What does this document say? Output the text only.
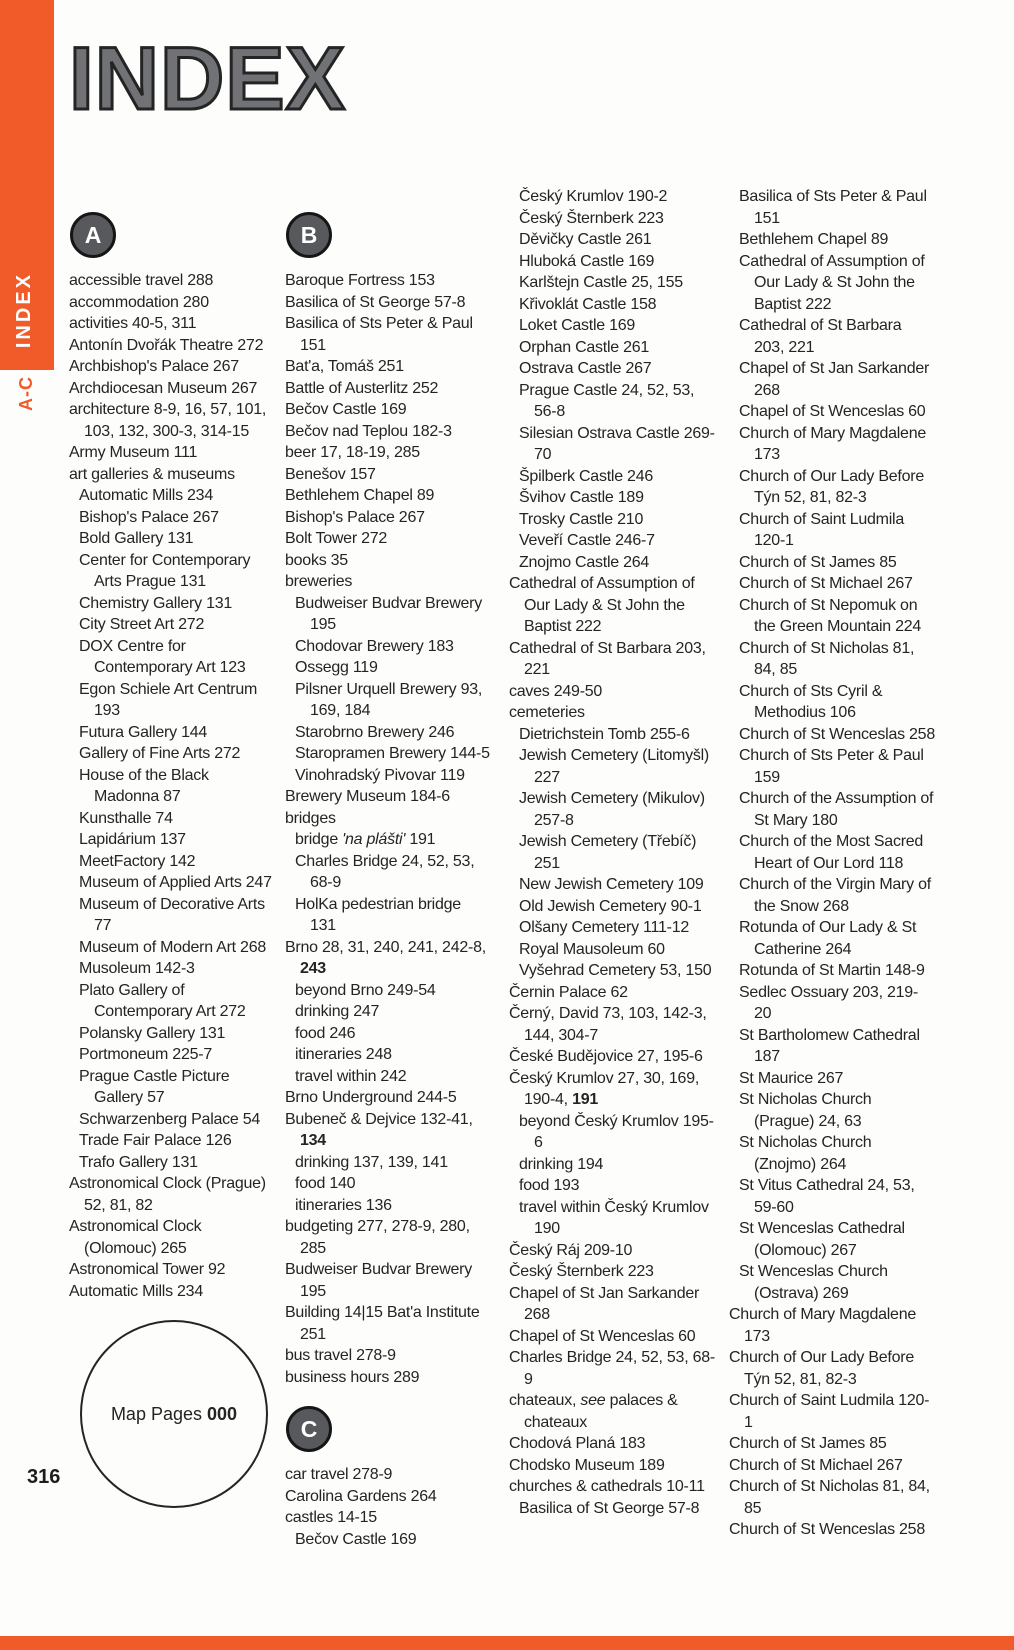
INDEX
A-C
INDEX
A
accessible travel 288
accommodation 280
activities 40-5, 311
Antonín Dvořák Theatre 272
Archbishop's Palace 267
Archdiocesan Museum 267
architecture 8-9, 16, 57, 101, 103, 132, 300-3, 314-15
Army Museum 111
art galleries & museums
Automatic Mills 234
Bishop's Palace 267
Bold Gallery 131
Center for Contemporary Arts Prague 131
Chemistry Gallery 131
City Street Art 272
DOX Centre for Contemporary Art 123
Egon Schiele Art Centrum 193
Futura Gallery 144
Gallery of Fine Arts 272
House of the Black Madonna 87
Kunsthalle 74
Lapidárium 137
MeetFactory 142
Museum of Applied Arts 247
Museum of Decorative Arts 77
Museum of Modern Art 268
Musoleum 142-3
Plato Gallery of Contemporary Art 272
Polansky Gallery 131
Portmoneum 225-7
Prague Castle Picture Gallery 57
Schwarzenberg Palace 54
Trade Fair Palace 126
Trafo Gallery 131
Astronomical Clock (Prague) 52, 81, 82
Astronomical Clock (Olomouc) 265
Astronomical Tower 92
Automatic Mills 234
B
Baroque Fortress 153
Basilica of St George 57-8
Basilica of Sts Peter & Paul 151
Bat'a, Tomáš 251
Battle of Austerlitz 252
Bečov Castle 169
Bečov nad Teplou 182-3
beer 17, 18-19, 285
Benešov 157
Bethlehem Chapel 89
Bishop's Palace 267
Bolt Tower 272
books 35
breweries
Budweiser Budvar Brewery 195
Chodovar Brewery 183
Ossegg 119
Pilsner Urquell Brewery 93, 169, 184
Starobrno Brewery 246
Staropramen Brewery 144-5
Vinohradský Pivovar 119
Brewery Museum 184-6
bridges
bridge 'na plášti' 191
Charles Bridge 24, 52, 53, 68-9
HolKa pedestrian bridge 131
Brno 28, 31, 240, 241, 242-8, 243
beyond Brno 249-54
drinking 247
food 246
itineraries 248
travel within 242
Brno Underground 244-5
Bubeneč & Dejvice 132-41, 134
drinking 137, 139, 141
food 140
itineraries 136
budgeting 277, 278-9, 280, 285
Budweiser Budvar Brewery 195
Building 14|15 Bat'a Institute 251
bus travel 278-9
business hours 289
C
car travel 278-9
Carolina Gardens 264
castles 14-15
Bečov Castle 169
Český Krumlov 190-2
Český Šternberk 223
Děvičky Castle 261
Hluboká Castle 169
Karlštejn Castle 25, 155
Křivoklát Castle 158
Loket Castle 169
Orphan Castle 261
Ostrava Castle 267
Prague Castle 24, 52, 53, 56-8
Silesian Ostrava Castle 269-70
Špilberk Castle 246
Švihov Castle 189
Trosky Castle 210
Veveří Castle 246-7
Znojmo Castle 264
Cathedral of Assumption of Our Lady & St John the Baptist 222
Cathedral of St Barbara 203, 221
caves 249-50
cemeteries
Dietrichstein Tomb 255-6
Jewish Cemetery (Litomyšl) 227
Jewish Cemetery (Mikulov) 257-8
Jewish Cemetery (Třebíč) 251
New Jewish Cemetery 109
Old Jewish Cemetery 90-1
Olšany Cemetery 111-12
Royal Mausoleum 60
Vyšehrad Cemetery 53, 150
Černin Palace 62
Černý, David 73, 103, 142-3, 144, 304-7
České Budějovice 27, 195-6
Český Krumlov 27, 30, 169, 190-4, 191
beyond Český Krumlov 195-6
drinking 194
food 193
travel within Český Krumlov 190
Český Ráj 209-10
Český Šternberk 223
Chapel of St Jan Sarkander 268
Chapel of St Wenceslas 60
Charles Bridge 24, 52, 53, 68-9
chateaux, see palaces & chateaux
Chodová Planá 183
Chodsko Museum 189
churches & cathedrals 10-11
Basilica of St George 57-8
Basilica of Sts Peter & Paul 151
Bethlehem Chapel 89
Cathedral of Assumption of Our Lady & St John the Baptist 222
Cathedral of St Barbara 203, 221
Chapel of St Jan Sarkander 268
Chapel of St Wenceslas 60
Church of Mary Magdalene 173
Church of Our Lady Before Týn 52, 81, 82-3
Church of Saint Ludmila 120-1
Church of St James 85
Church of St Michael 267
Church of St Nepomuk on the Green Mountain 224
Church of St Nicholas 81, 84, 85
Church of Sts Cyril & Methodius 106
Church of St Wenceslas 258
Church of Sts Peter & Paul 159
Church of the Assumption of St Mary 180
Church of the Most Sacred Heart of Our Lord 118
Church of the Virgin Mary of the Snow 268
Rotunda of Our Lady & St Catherine 264
Rotunda of St Martin 148-9
Sedlec Ossuary 203, 219-20
St Bartholomew Cathedral 187
St Maurice 267
St Nicholas Church (Prague) 24, 63
St Nicholas Church (Znojmo) 264
St Vitus Cathedral 24, 53, 59-60
St Wenceslas Cathedral (Olomouc) 267
St Wenceslas Church (Ostrava) 269
Church of Mary Magdalene 173
Church of Our Lady Before Týn 52, 81, 82-3
Church of Saint Ludmila 120-1
Church of St James 85
Church of St Michael 267
Church of St Nicholas 81, 84, 85
Church of St Wenceslas 258
Map Pages 000
316
